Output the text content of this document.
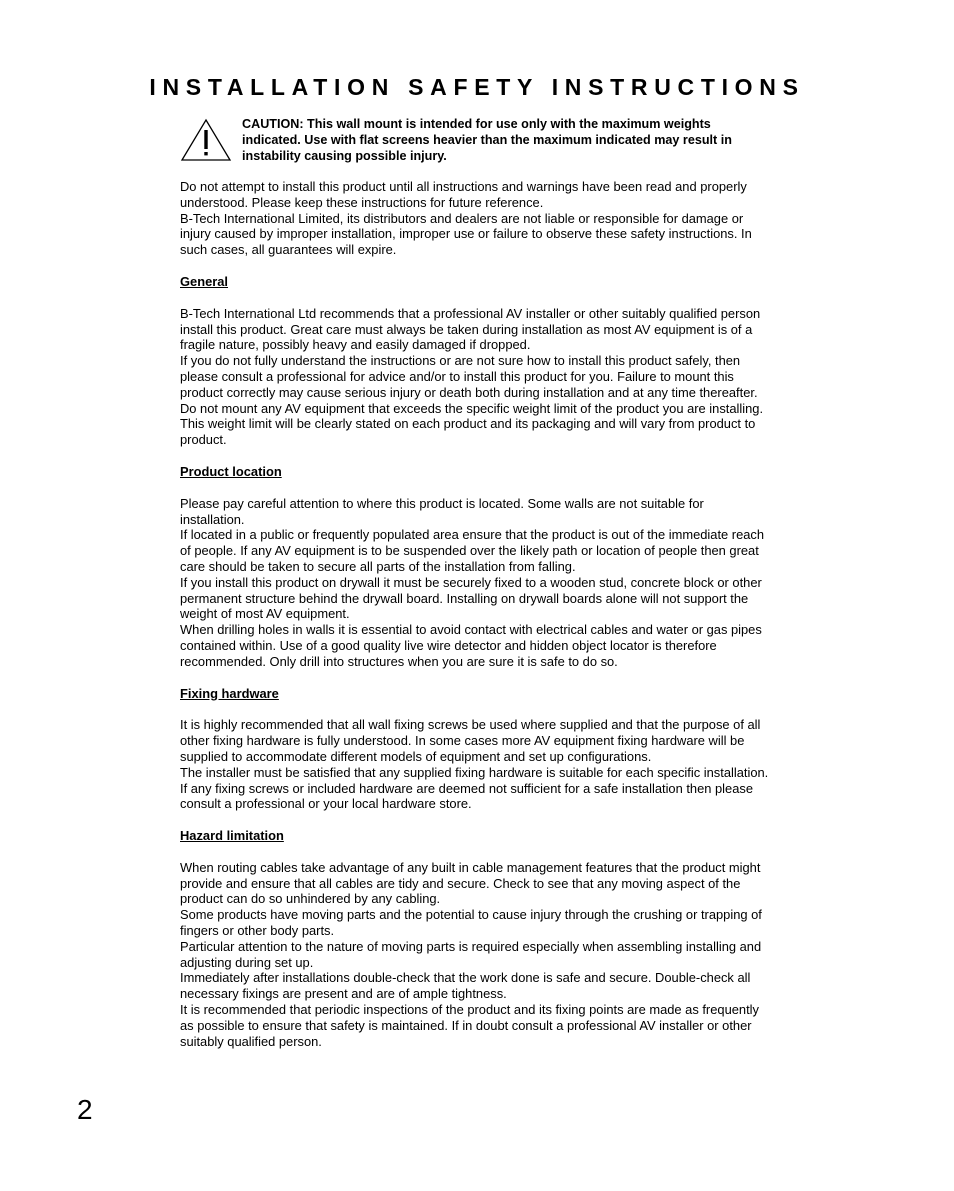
INSTALLATION SAFETY INSTRUCTIONS
CAUTION: This wall mount is intended for use only with the maximum weights indicated. Use with flat screens heavier than the maximum indicated may result in instability causing possible injury.

Do not attempt to install this product until all instructions and warnings have been read and properly understood. Please keep these instructions for future reference.

B-Tech International Limited, its distributors and dealers are not liable or responsible for damage or injury caused by improper installation, improper use or failure to observe these safety instructions. In such cases, all guarantees will expire.

General

B-Tech International Ltd recommends that a professional AV installer or other suitably qualified person install this product. Great care must always be taken during installation as most AV equipment is of a fragile nature, possibly heavy and easily damaged if dropped.

If you do not fully understand the instructions or are not sure how to install this product safely, then please consult a professional for advice and/or to install this product for you. Failure to mount this product correctly may cause serious injury or death both during installation and at any time thereafter.

Do not mount any AV equipment that exceeds the specific weight limit of the product you are installing. This weight limit will be clearly stated on each product and its packaging and will vary from product to product.

Product location

Please pay careful attention to where this product is located. Some walls are not suitable for installation.

If located in a public or frequently populated area ensure that the product is out of the immediate reach of people. If any AV equipment is to be suspended over the likely path or location of people then great care should be taken to secure all parts of the installation from falling.

If you install this product on drywall it must be securely fixed to a wooden stud, concrete block or other permanent structure behind the drywall board. Installing on drywall boards alone will not support the weight of most AV equipment.

When drilling holes in walls it is essential to avoid contact with electrical cables and water or gas pipes contained within. Use of a good quality live wire detector and hidden object locator is therefore recommended. Only drill into structures when you are sure it is safe to do so.

Fixing hardware

It is highly recommended that all wall fixing screws be used where supplied and that the purpose of all other fixing hardware is fully understood. In some cases more AV equipment fixing hardware will be supplied to accommodate different models of equipment and set up configurations.

The installer must be satisfied that any supplied fixing hardware is suitable for each specific installation. If any fixing screws or included hardware are deemed not sufficient for a safe installation then please consult a professional or your local hardware store.

Hazard limitation

When routing cables take advantage of any built in cable management features that the product might provide and ensure that all cables are tidy and secure. Check to see that any moving aspect of the product can do so unhindered by any cabling.

Some products have moving parts and the potential to cause injury through the crushing or trapping of fingers or other body parts.

Particular attention to the nature of moving parts is required especially when assembling installing and adjusting during set up.

Immediately after installations double-check that the work done is safe and secure. Double-check all necessary fixings are present and are of ample tightness.

It is recommended that periodic inspections of the product and its fixing points are made as frequently as possible to ensure that safety is maintained. If in doubt consult a professional AV installer or other suitably qualified person.

2
